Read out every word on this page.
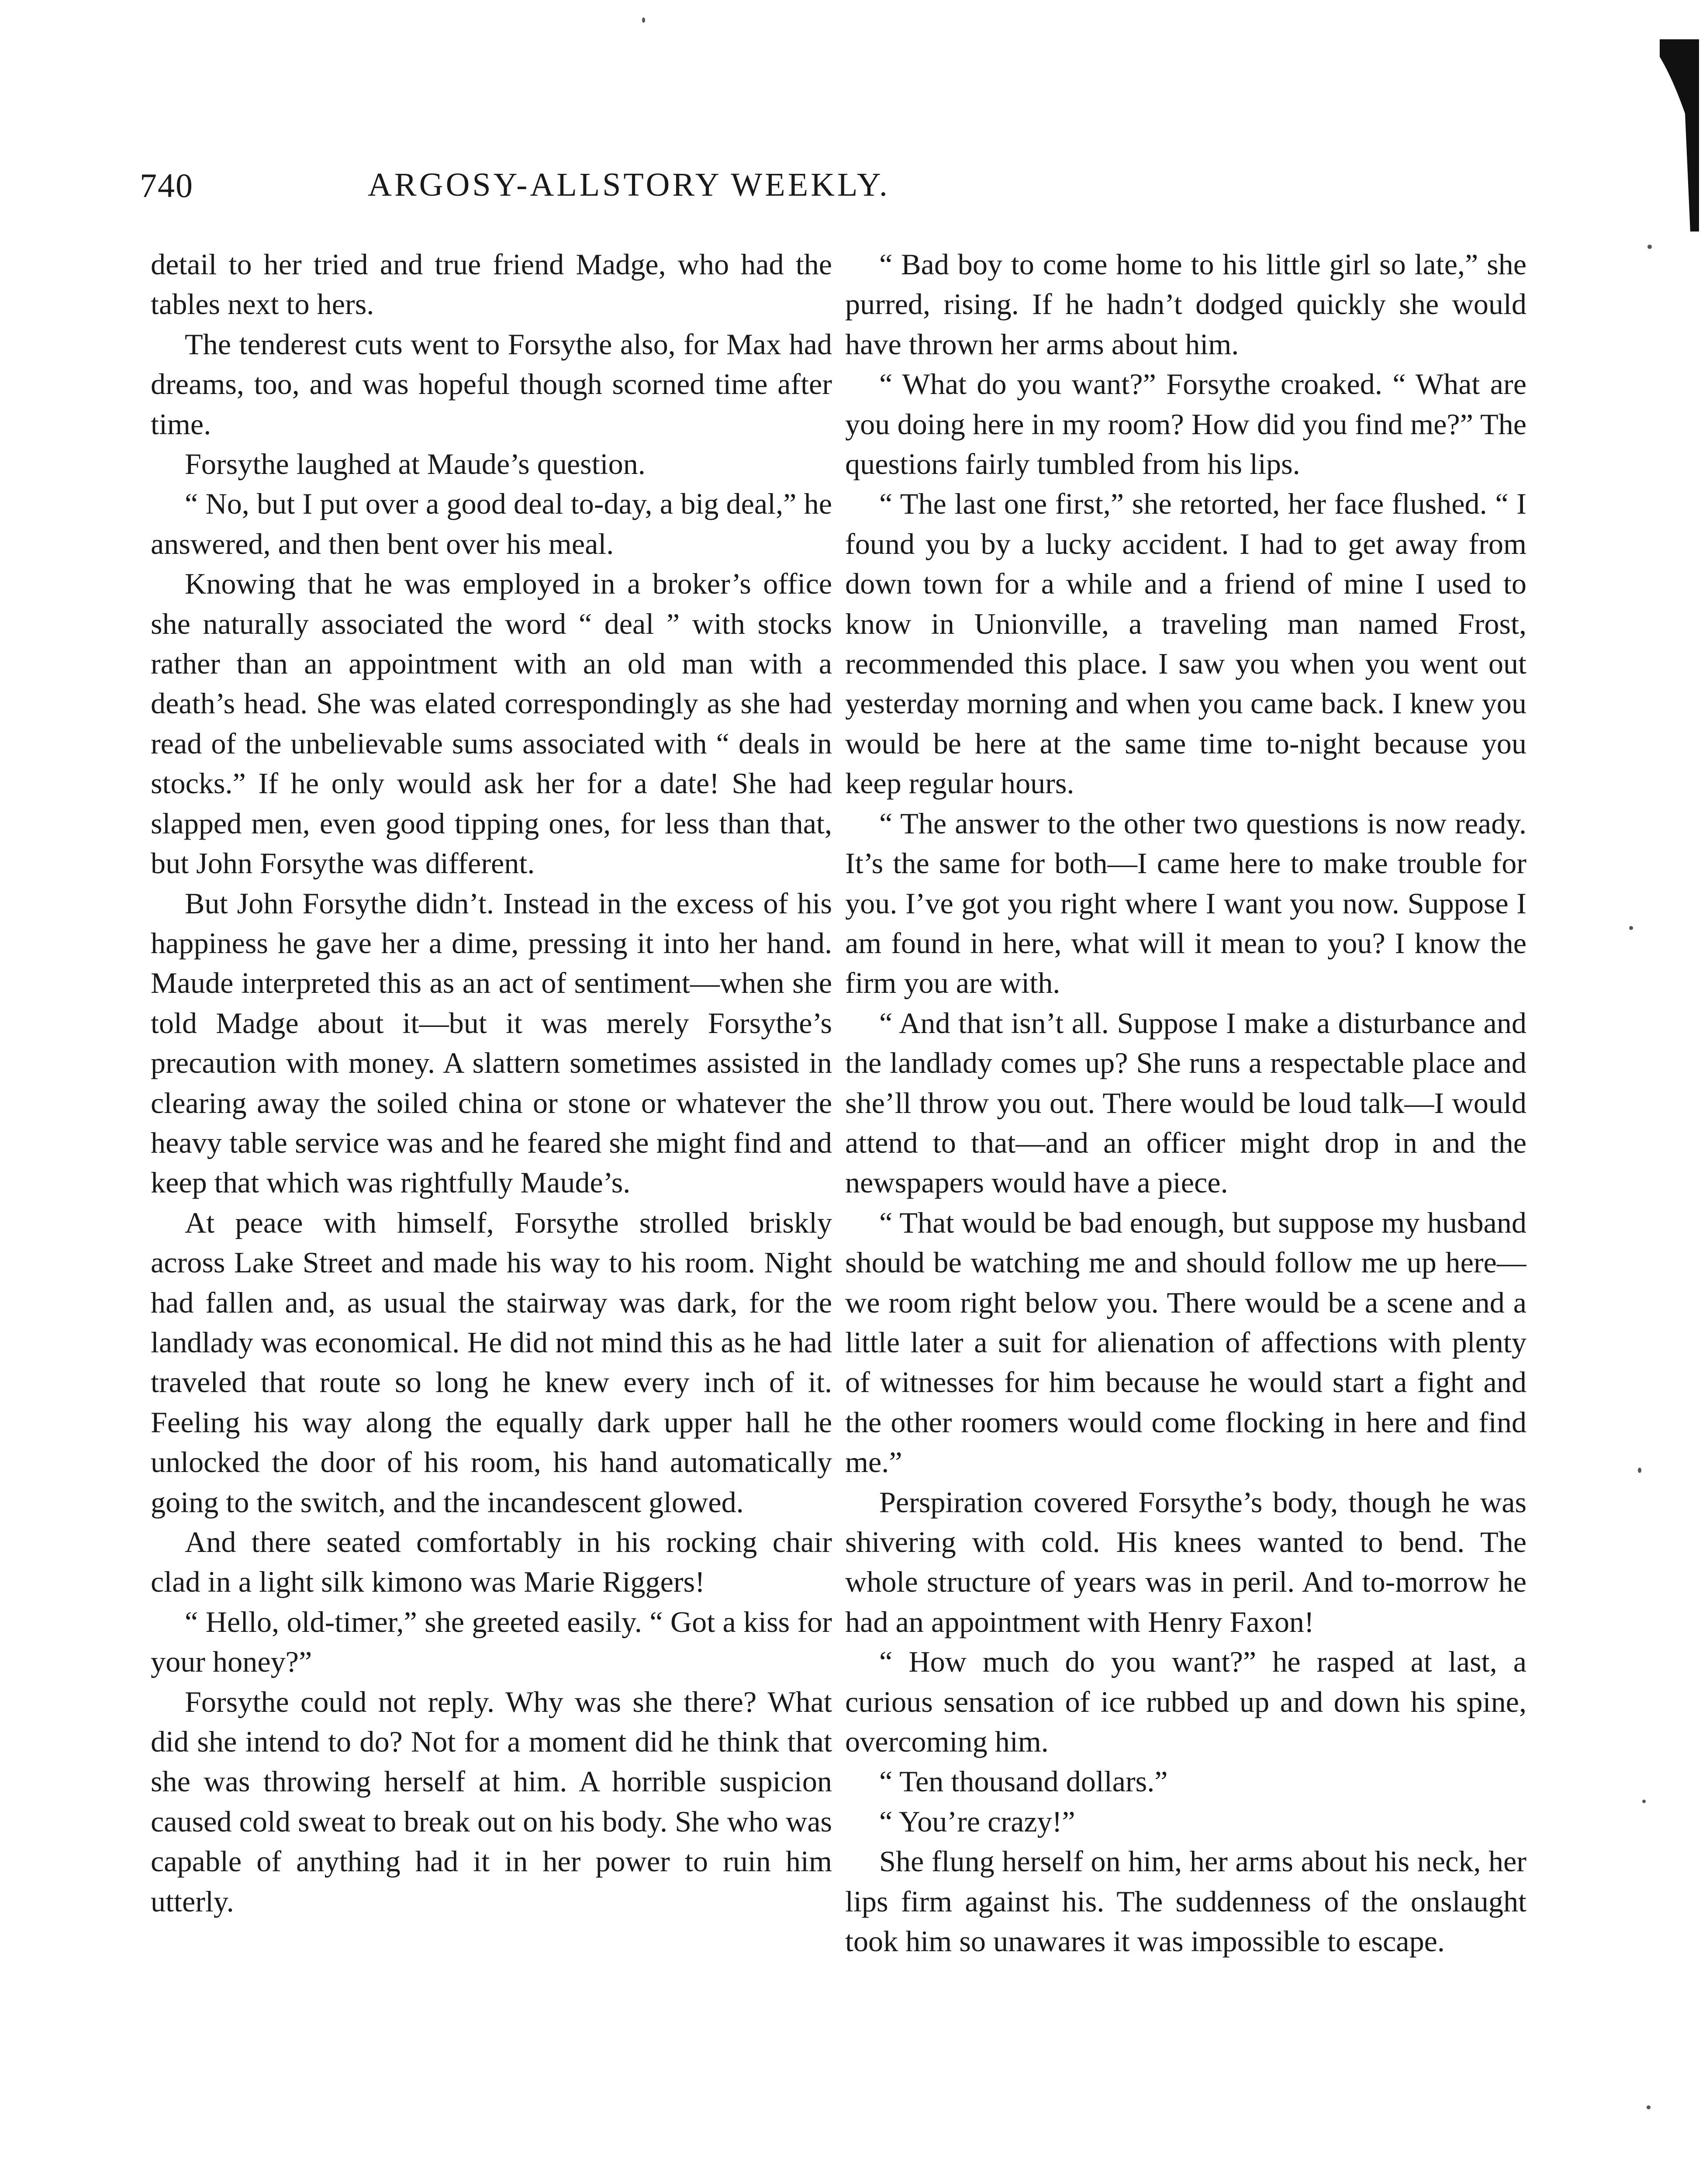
740	ARGOSY-ALLSTORY WEEKLY.

detail to her tried and true friend Madge, who had the tables next to hers.

The tenderest cuts went to Forsythe also, for Max had dreams, too, and was hopeful though scorned time after time.

Forsythe laughed at Maude’s question.

“ No, but I put over a good deal to-day, a big deal,” he answered, and then bent over his meal.

Knowing that he was employed in a broker’s office she naturally associated the word “ deal ” with stocks rather than an appointment with an old man with a death’s head. She was elated correspondingly as she had read of the unbelievable sums associated with “ deals in stocks.” If he only would ask her for a date! She had slapped men, even good tipping ones, for less than that, but John Forsythe was different.

But John Forsythe didn’t. Instead in the excess of his happiness he gave her a dime, pressing it into her hand. Maude interpreted this as an act of sentiment—when she told Madge about it—but it was merely Forsythe’s precaution with money. A slattern sometimes assisted in clearing away the soiled china or stone or whatever the heavy table service was and he feared she might find and keep that which was rightfully Maude’s.

At peace with himself, Forsythe strolled briskly across Lake Street and made his way to his room. Night had fallen and, as usual the stairway was dark, for the landlady was economical. He did not mind this as he had traveled that route so long he knew every inch of it. Feeling his way along the equally dark upper hall he unlocked the door of his room, his hand automatically going to the switch, and the incandescent glowed.

And there seated comfortably in his rocking chair clad in a light silk kimono was Marie Riggers!

“ Hello, old-timer,” she greeted easily. “ Got a kiss for your honey?”

Forsythe could not reply. Why was she there? What did she intend to do? Not for a moment did he think that she was throwing herself at him. A horrible suspicion caused cold sweat to break out on his body. She who was capable of anything had it in her power to ruin him utterly.

“ Bad boy to come home to his little girl so late,” she purred, rising. If he hadn’t dodged quickly she would have thrown her arms about him.

“ What do you want?” Forsythe croaked. “ What are you doing here in my room? How did you find me?” The questions fairly tumbled from his lips.

“ The last one first,” she retorted, her face flushed. “ I found you by a lucky accident. I had to get away from down town for a while and a friend of mine I used to know in Unionville, a traveling man named Frost, recommended this place. I saw you when you went out yesterday morning and when you came back. I knew you would be here at the same time to-night because you keep regular hours.

“ The answer to the other two questions is now ready. It’s the same for both—I came here to make trouble for you. I’ve got you right where I want you now. Suppose I am found in here, what will it mean to you? I know the firm you are with.

“ And that isn’t all. Suppose I make a disturbance and the landlady comes up? She runs a respectable place and she’ll throw you out. There would be loud talk—I would attend to that—and an officer might drop in and the newspapers would have a piece.

“ That would be bad enough, but suppose my husband should be watching me and should follow me up here—we room right below you. There would be a scene and a little later a suit for alienation of affections with plenty of witnesses for him because he would start a fight and the other roomers would come flocking in here and find me.”

Perspiration covered Forsythe’s body, though he was shivering with cold. His knees wanted to bend. The whole structure of years was in peril. And to-morrow he had an appointment with Henry Faxon!

“ How much do you want?” he rasped at last, a curious sensation of ice rubbed up and down his spine, overcoming him.

“ Ten thousand dollars.”

“ You’re crazy!”

She flung herself on him, her arms about his neck, her lips firm against his. The suddenness of the onslaught took him so unawares it was impossible to escape.
